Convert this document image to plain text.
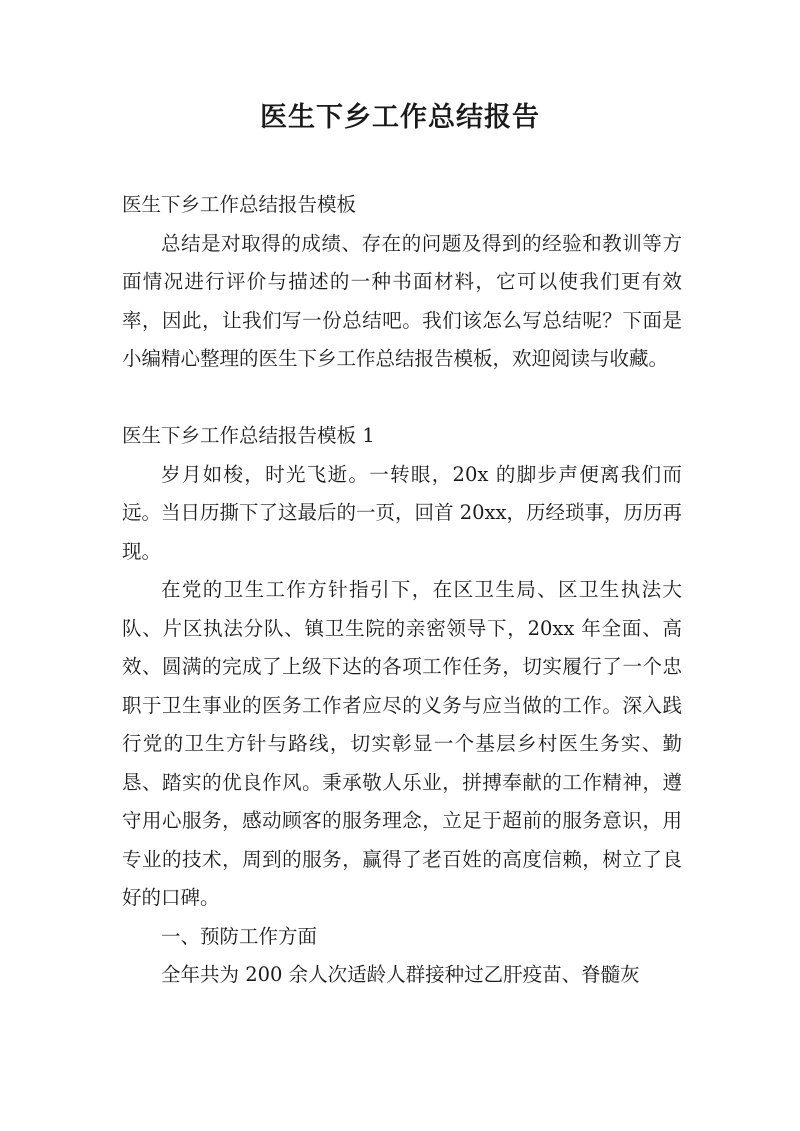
医生下乡工作总结报告

医生下乡工作总结报告模板

总结是对取得的成绩、存在的问题及得到的经验和教训等方面情况进行评价与描述的一种书面材料，它可以使我们更有效率，因此，让我们写一份总结吧。我们该怎么写总结呢？下面是小编精心整理的医生下乡工作总结报告模板，欢迎阅读与收藏。

医生下乡工作总结报告模板 1

岁月如梭，时光飞逝。一转眼，20x 的脚步声便离我们而远。当日历撕下了这最后的一页，回首 20xx，历经琐事，历历再现。

在党的卫生工作方针指引下，在区卫生局、区卫生执法大队、片区执法分队、镇卫生院的亲密领导下，20xx 年全面、高效、圆满的完成了上级下达的各项工作任务，切实履行了一个忠职于卫生事业的医务工作者应尽的义务与应当做的工作。深入践行党的卫生方针与路线，切实彰显一个基层乡村医生务实、勤恳、踏实的优良作风。秉承敬人乐业，拼搏奉献的工作精神，遵守用心服务，感动顾客的服务理念，立足于超前的服务意识，用专业的技术，周到的服务，赢得了老百姓的高度信赖，树立了良好的口碑。

一、预防工作方面

全年共为 200 余人次适龄人群接种过乙肝疫苗、脊髓灰
